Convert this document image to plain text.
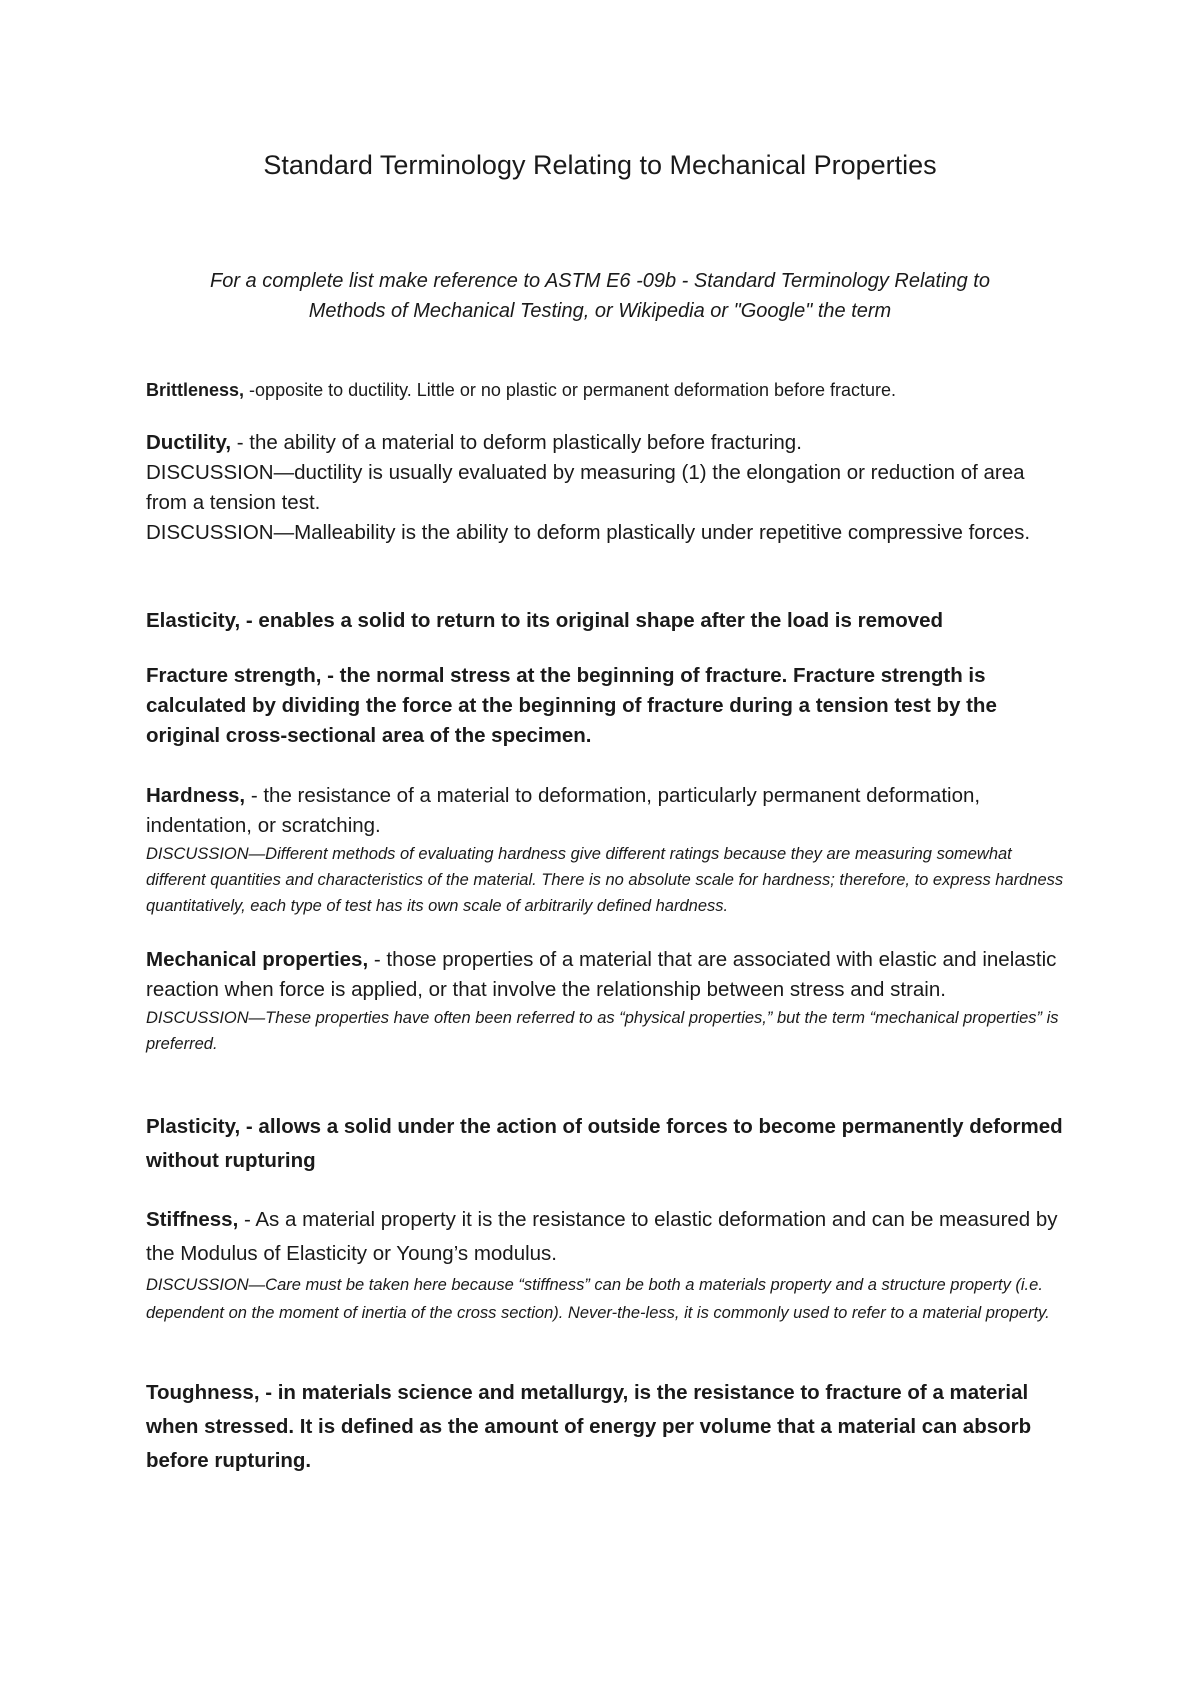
Standard Terminology Relating to Mechanical Properties

For a complete list make reference to ASTM E6 -09b - Standard Terminology Relating to
Methods of Mechanical Testing, or Wikipedia or "Google" the term

Brittleness, -opposite to ductility. Little or no plastic or permanent deformation before fracture.

Ductility, - the ability of a material to deform plastically before fracturing.
DISCUSSION—ductility is usually evaluated by measuring (1) the elongation or reduction of area from a tension test.
DISCUSSION—Malleability is the ability to deform plastically under repetitive compressive forces.

Elasticity, - enables a solid to return to its original shape after the load is removed

Fracture strength, - the normal stress at the beginning of fracture. Fracture strength is calculated by dividing the force at the beginning of fracture during a tension test by the original cross-sectional area of the specimen.

Hardness, - the resistance of a material to deformation, particularly permanent deformation, indentation, or scratching.
DISCUSSION—Different methods of evaluating hardness give different ratings because they are measuring somewhat different quantities and characteristics of the material. There is no absolute scale for hardness; therefore, to express hardness quantitatively, each type of test has its own scale of arbitrarily defined hardness.
Mechanical properties, - those properties of a material that are associated with elastic and inelastic reaction when force is applied, or that involve the relationship between stress and strain.
DISCUSSION—These properties have often been referred to as “physical properties,” but the term “mechanical properties” is preferred.

Plasticity, - allows a solid under the action of outside forces to become permanently deformed without rupturing

Stiffness, - As a material property it is the resistance to elastic deformation and can be measured by the Modulus of Elasticity or Young’s modulus.
DISCUSSION—Care must be taken here because “stiffness” can be both a materials property and a structure property (i.e. dependent on the moment of inertia of the cross section). Never-the-less, it is commonly used to refer to a material property.

Toughness, - in materials science and metallurgy, is the resistance to fracture of a material when stressed. It is defined as the amount of energy per volume that a material can absorb before rupturing.
